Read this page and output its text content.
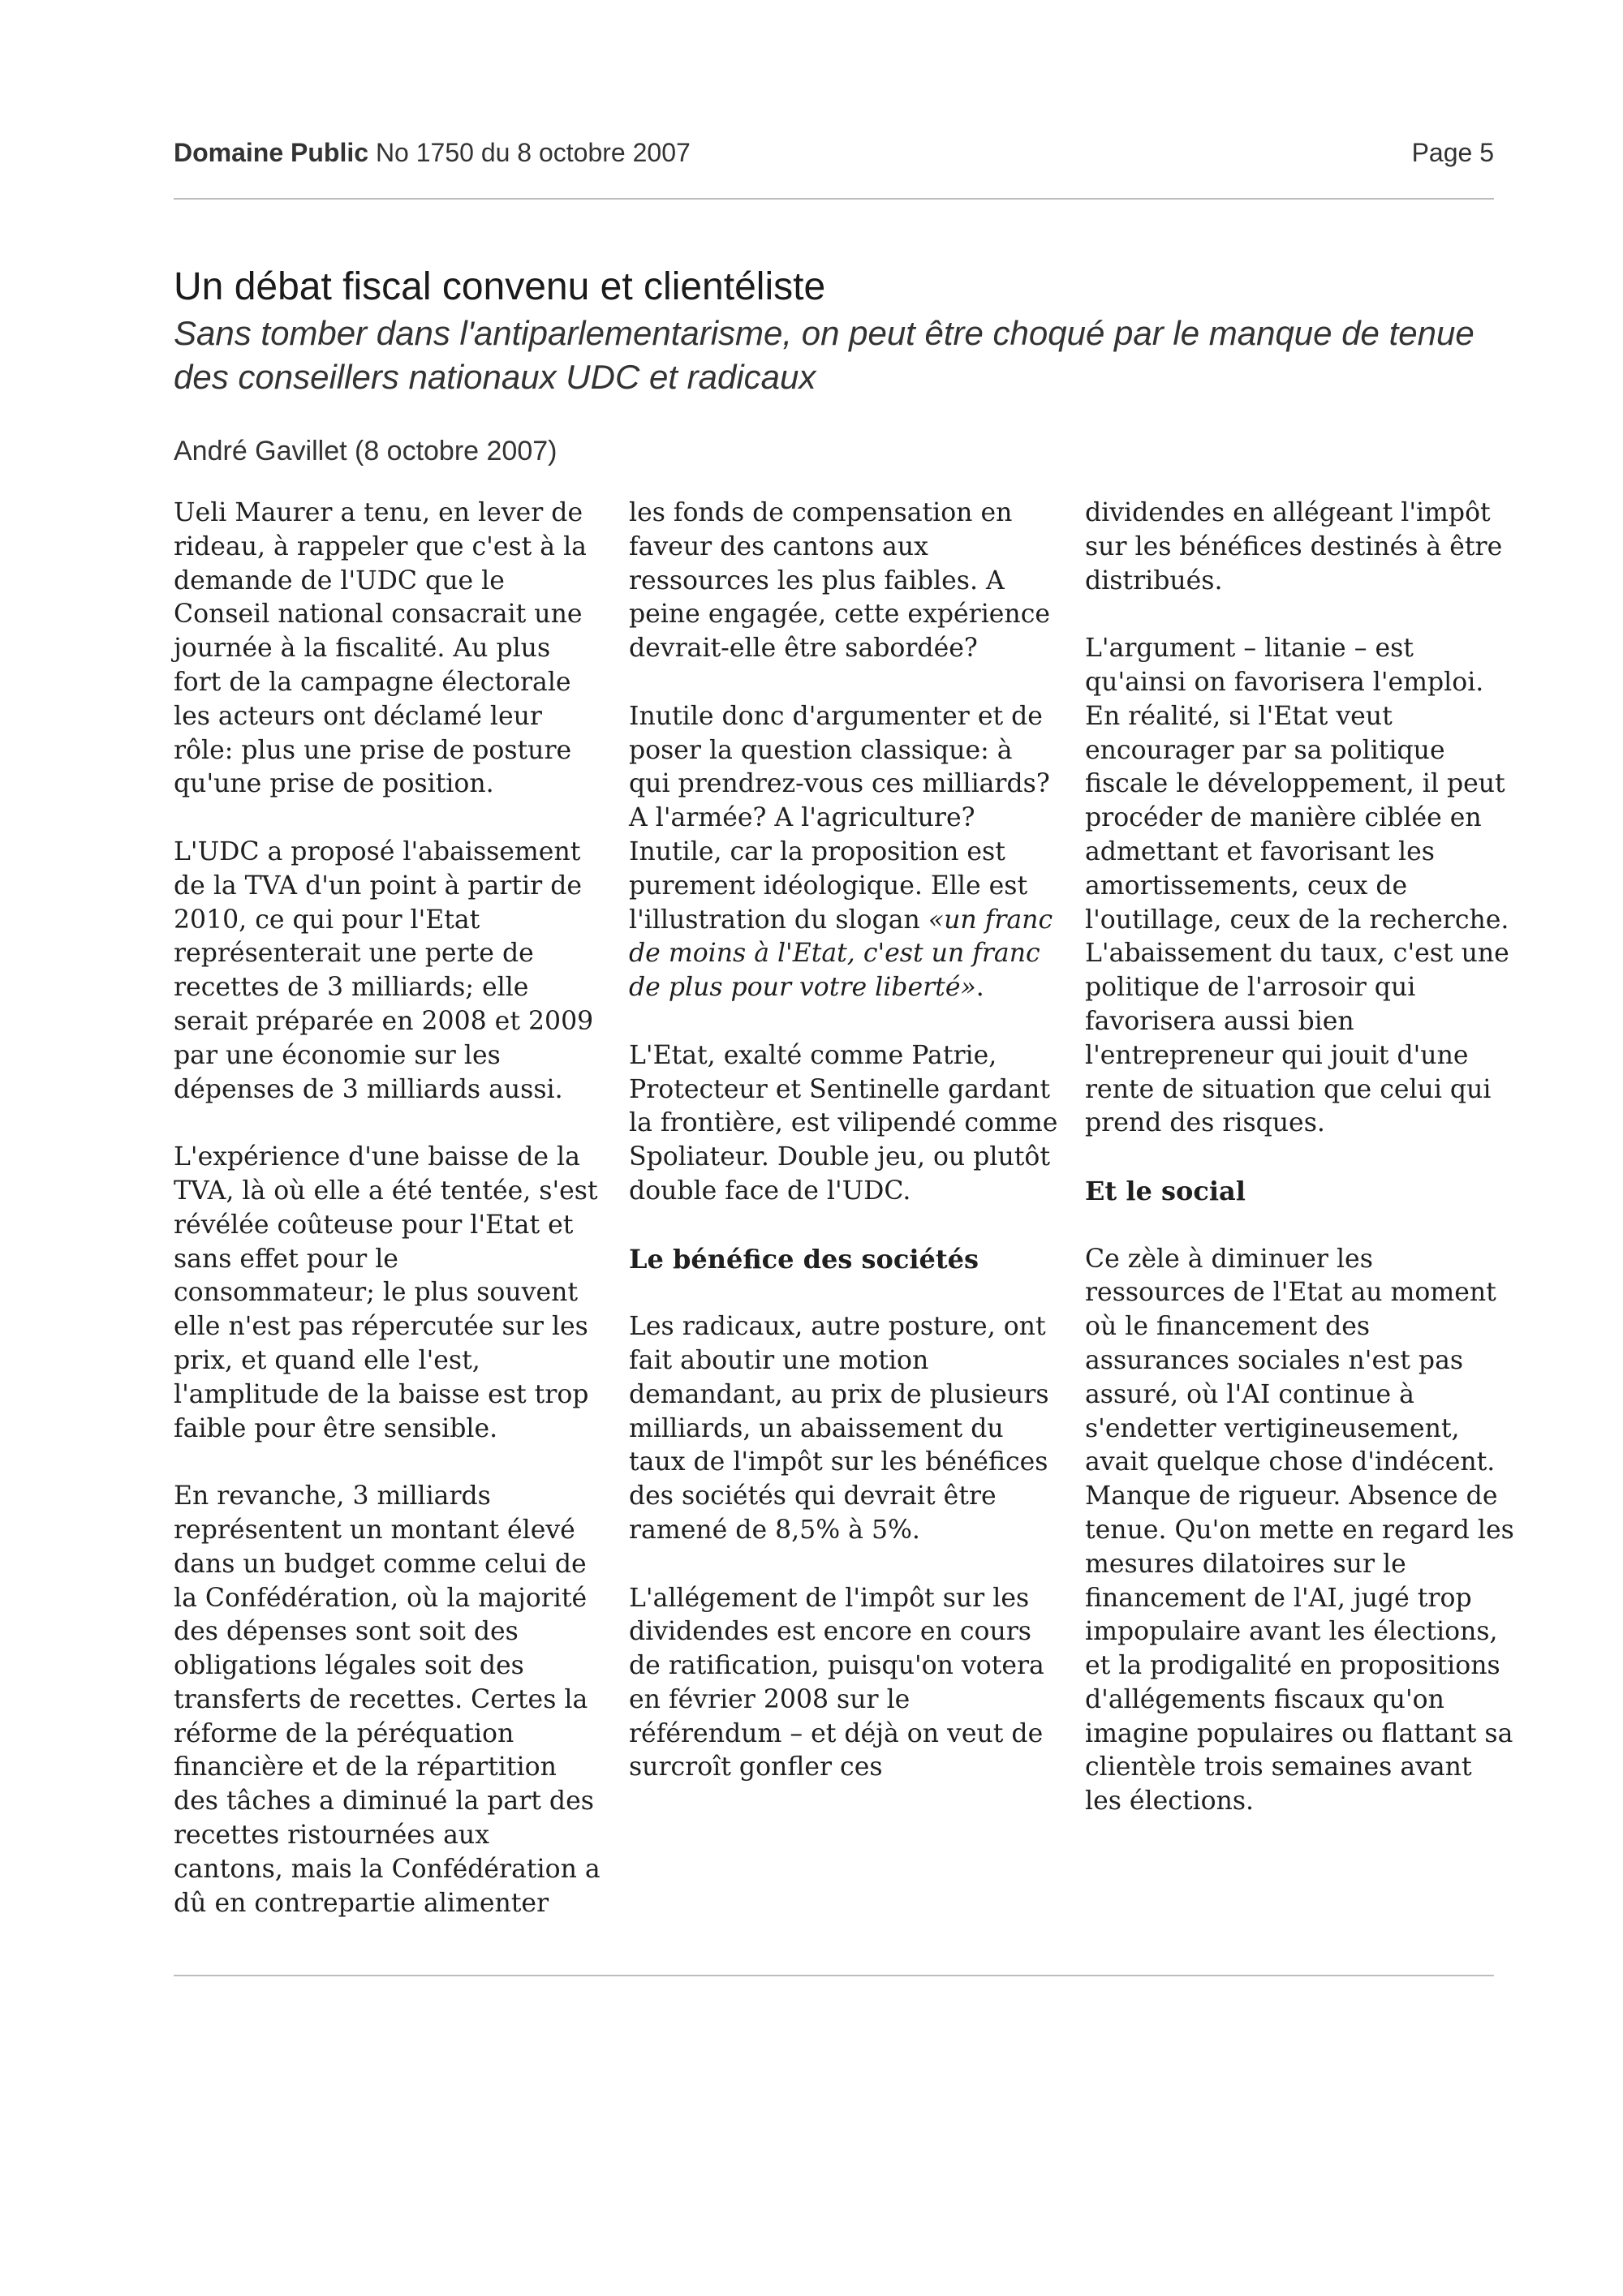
Domaine Public No 1750 du 8 octobre 2007	Page 5
Un débat fiscal convenu et clientéliste

Sans tomber dans l'antiparlementarisme, on peut être choqué par le manque de tenue des conseillers nationaux UDC et radicaux

André Gavillet (8 octobre 2007)

Ueli Maurer a tenu, en lever de rideau, à rappeler que c'est à la demande de l'UDC que le Conseil national consacrait une journée à la fiscalité. Au plus fort de la campagne électorale les acteurs ont déclamé leur rôle: plus une prise de posture qu'une prise de position.

L'UDC a proposé l'abaissement de la TVA d'un point à partir de 2010, ce qui pour l'Etat représenterait une perte de recettes de 3 milliards; elle serait préparée en 2008 et 2009 par une économie sur les dépenses de 3 milliards aussi.

L'expérience d'une baisse de la TVA, là où elle a été tentée, s'est révélée coûteuse pour l'Etat et sans effet pour le consommateur; le plus souvent elle n'est pas répercutée sur les prix, et quand elle l'est, l'amplitude de la baisse est trop faible pour être sensible.

En revanche, 3 milliards représentent un montant élevé dans un budget comme celui de la Confédération, où la majorité des dépenses sont soit des obligations légales soit des transferts de recettes. Certes la réforme de la péréquation financière et de la répartition des tâches a diminué la part des recettes ristournées aux cantons, mais la Confédération a dû en contrepartie alimenter

les fonds de compensation en faveur des cantons aux ressources les plus faibles. A peine engagée, cette expérience devrait-elle être sabordée?

Inutile donc d'argumenter et de poser la question classique: à qui prendrez-vous ces milliards? A l'armée? A l'agriculture? Inutile, car la proposition est purement idéologique. Elle est l'illustration du slogan «un franc de moins à l'Etat, c'est un franc de plus pour votre liberté».

L'Etat, exalté comme Patrie, Protecteur et Sentinelle gardant la frontière, est vilipendé comme Spoliateur. Double jeu, ou plutôt double face de l'UDC.

Le bénéfice des sociétés

Les radicaux, autre posture, ont fait aboutir une motion demandant, au prix de plusieurs milliards, un abaissement du taux de l'impôt sur les bénéfices des sociétés qui devrait être ramené de 8,5% à 5%.

L'allégement de l'impôt sur les dividendes est encore en cours de ratification, puisqu'on votera en février 2008 sur le référendum – et déjà on veut de surcroît gonfler ces

dividendes en allégeant l'impôt sur les bénéfices destinés à être distribués.

L'argument – litanie – est qu'ainsi on favorisera l'emploi. En réalité, si l'Etat veut encourager par sa politique fiscale le développement, il peut procéder de manière ciblée en admettant et favorisant les amortissements, ceux de l'outillage, ceux de la recherche. L'abaissement du taux, c'est une politique de l'arrosoir qui favorisera aussi bien l'entrepreneur qui jouit d'une rente de situation que celui qui prend des risques.

Et le social

Ce zèle à diminuer les ressources de l'Etat au moment où le financement des assurances sociales n'est pas assuré, où l'AI continue à s'endetter vertigineusement, avait quelque chose d'indécent. Manque de rigueur. Absence de tenue. Qu'on mette en regard les mesures dilatoires sur le financement de l'AI, jugé trop impopulaire avant les élections, et la prodigalité en propositions d'allégements fiscaux qu'on imagine populaires ou flattant sa clientèle trois semaines avant les élections.
